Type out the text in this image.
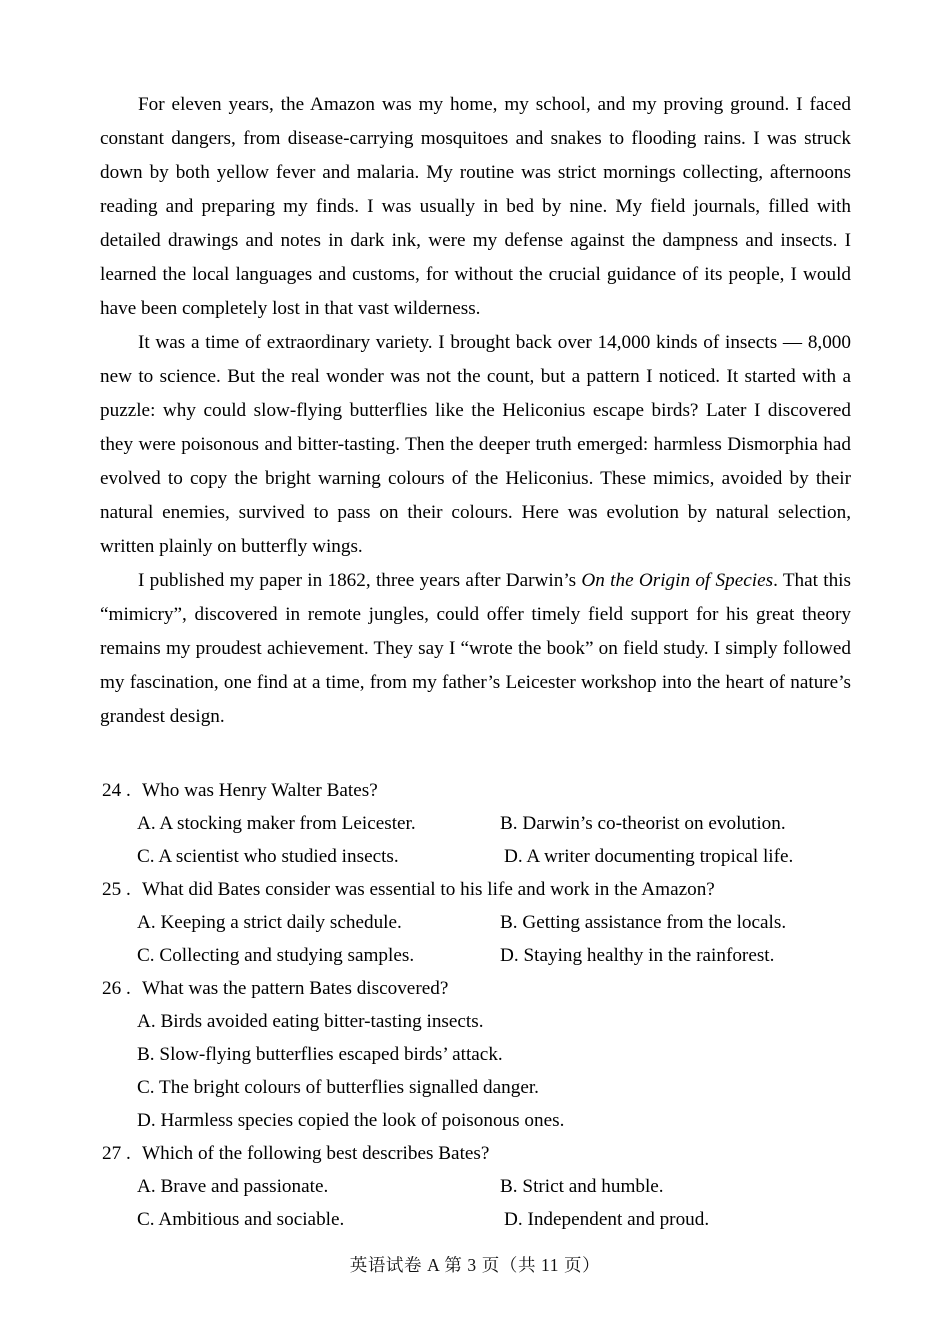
For eleven years, the Amazon was my home, my school, and my proving ground. I faced constant dangers, from disease-carrying mosquitoes and snakes to flooding rains. I was struck down by both yellow fever and malaria. My routine was strict mornings collecting, afternoons reading and preparing my finds. I was usually in bed by nine. My field journals, filled with detailed drawings and notes in dark ink, were my defense against the dampness and insects. I learned the local languages and customs, for without the crucial guidance of its people, I would have been completely lost in that vast wilderness.

It was a time of extraordinary variety. I brought back over 14,000 kinds of insects — 8,000 new to science. But the real wonder was not the count, but a pattern I noticed. It started with a puzzle: why could slow-flying butterflies like the Heliconius escape birds? Later I discovered they were poisonous and bitter-tasting. Then the deeper truth emerged: harmless Dismorphia had evolved to copy the bright warning colours of the Heliconius. These mimics, avoided by their natural enemies, survived to pass on their colours. Here was evolution by natural selection, written plainly on butterfly wings.

I published my paper in 1862, three years after Darwin’s On the Origin of Species. That this “mimicry”, discovered in remote jungles, could offer timely field support for his great theory remains my proudest achievement. They say I “wrote the book” on field study. I simply followed my fascination, one find at a time, from my father’s Leicester workshop into the heart of nature’s grandest design.

24 . Who was Henry Walter Bates?
A. A stocking maker from Leicester.	B. Darwin’s co-theorist on evolution.
C. A scientist who studied insects.	D. A writer documenting tropical life.
25 . What did Bates consider was essential to his life and work in the Amazon?
A. Keeping a strict daily schedule.	B. Getting assistance from the locals.
C. Collecting and studying samples.	D. Staying healthy in the rainforest.
26 . What was the pattern Bates discovered?
A. Birds avoided eating bitter-tasting insects.
B. Slow-flying butterflies escaped birds’ attack.
C. The bright colours of butterflies signalled danger.
D. Harmless species copied the look of poisonous ones.
27 . Which of the following best describes Bates?
A. Brave and passionate.	B. Strict and humble.
C. Ambitious and sociable.	D. Independent and proud.
英语试卷 A 第 3 页（共 11 页）
